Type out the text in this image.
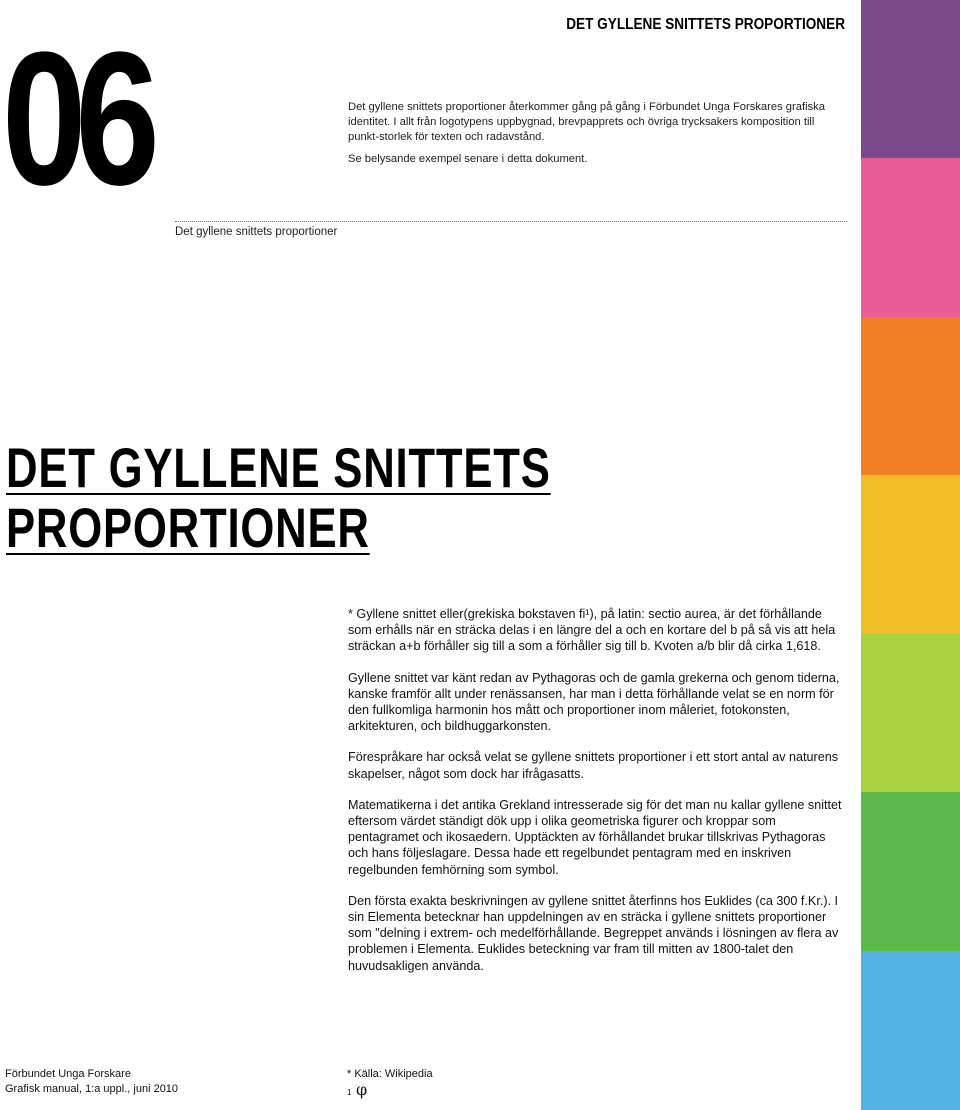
06	DET GYLLENE SNITTETS PROPORTIONER

Det gyllene snittets proportioner återkommer gång på gång i Förbundet Unga Forskares grafiska identitet. I allt från logotypens uppbygnad, brevpapprets och övriga trycksakers komposition till punkt-storlek för texten och radavstånd.

Se belysande exempel senare i detta dokument.

Det gyllene snittets proportioner
DET GYLLENE SNITTETS
PROPORTIONER

* Gyllene snittet eller(grekiska bokstaven fi¹), på latin: sectio aurea, är det förhållande som erhålls när en sträcka delas i en längre del a och en kortare del b på så vis att hela sträckan a+b förhåller sig till a som a förhåller sig till b. Kvoten a/b blir då cirka 1,618.

Gyllene snittet var känt redan av Pythagoras och de gamla grekerna och genom tiderna, kanske framför allt under renässansen, har man i detta förhållande velat se en norm för den fullkomliga harmonin hos mått och proportioner inom måleriet, fotokonsten, arkitekturen, och bildhuggarkonsten.

Förespråkare har också velat se gyllene snittets proportioner i ett stort antal av naturens skapelser, något som dock har ifrågasatts.

Matematikerna i det antika Grekland intresserade sig för det man nu kallar gyllene snittet eftersom värdet ständigt dök upp i olika geometriska figurer och kroppar som pentagramet och ikosaedern. Upptäckten av förhållandet brukar tillskrivas Pythagoras och hans följeslagare. Dessa hade ett regelbundet pentagram med en inskriven regelbunden femhörning som symbol.

Den första exakta beskrivningen av gyllene snittet återfinns hos Euklides (ca 300 f.Kr.). I sin Elementa betecknar han uppdelningen av en sträcka i gyllene snittets proportioner som "delning i extrem- och medelförhållande. Begreppet används i lösningen av flera av problemen i Elementa. Euklides beteckning var fram till mitten av 1800-talet den huvudsakligen använda.

Förbundet Unga Forskare
Grafisk manual, 1:a uppl., juni 2010
* Källa: Wikipedia
1 φ
